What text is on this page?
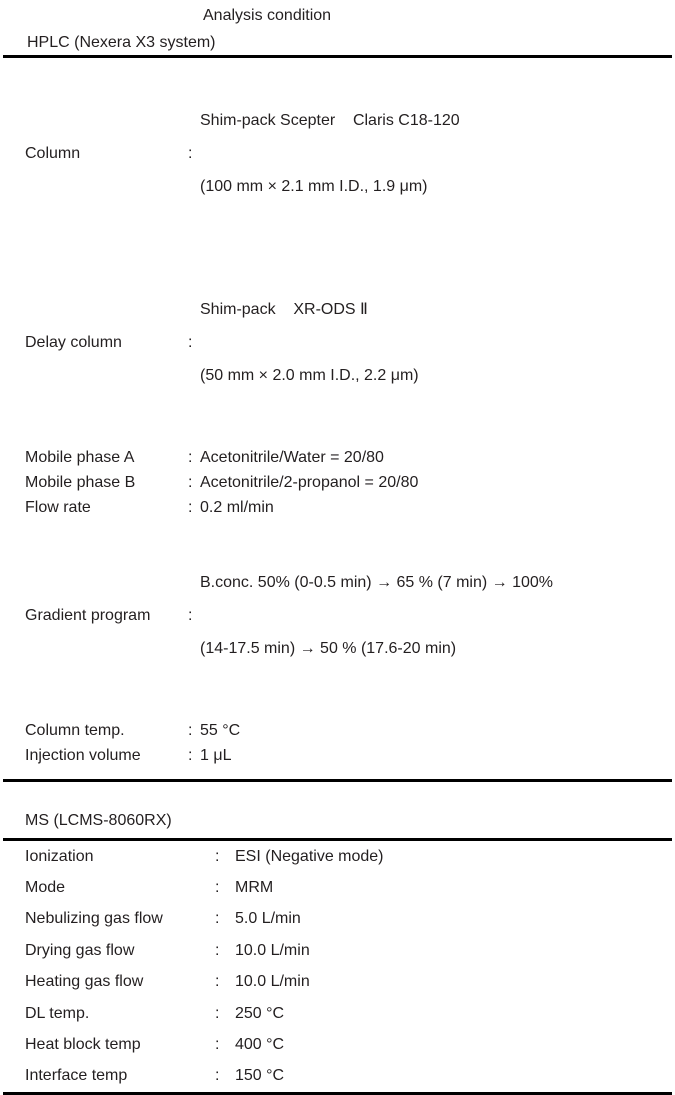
Analysis condition
HPLC (Nexera X3 system)
Column	:

Shim-pack Scepter    Claris C18-120

(100 mm × 2.1 mm I.D., 1.9 μm)

Delay column	:

Shim-pack    XR-ODS Ⅱ

(50 mm × 2.0 mm I.D., 2.2 μm)

Mobile phase A	: Acetonitrile/Water = 20/80
Mobile phase B	: Acetonitrile/2-propanol = 20/80
Flow rate	: 0.2 ml/min
Gradient program	:

B.conc. 50% (0-0.5 min) → 65 % (7 min) → 100%

(14-17.5 min) → 50 % (17.6-20 min)

Column temp.	: 55 °C
Injection volume	: 1 μL
MS (LCMS-8060RX)
Ionization	: ESI (Negative mode)
Mode	: MRM
Nebulizing gas flow	: 5.0 L/min
Drying gas flow	: 10.0 L/min
Heating gas flow	: 10.0 L/min
DL temp.	: 250 °C
Heat block temp	: 400 °C
Interface temp	: 150 °C
